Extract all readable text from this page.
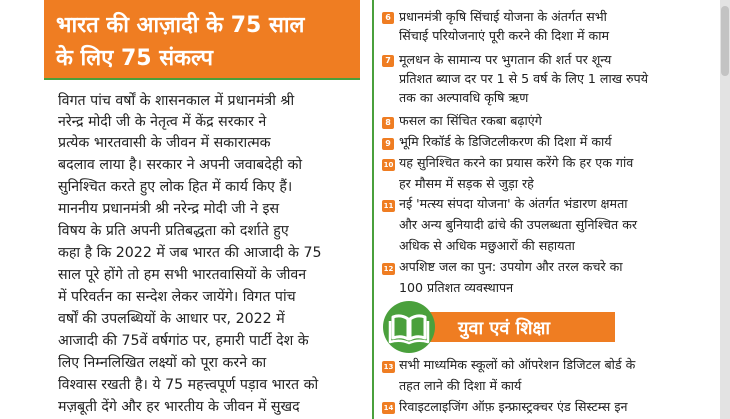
भारत की आज़ादी के 75 साल
के लिए 75 संकल्प
विगत पांच वर्षों के शासनकाल में प्रधानमंत्री श्री
नरेन्द्र मोदी जी के नेतृत्व में केंद्र सरकार ने
प्रत्येक भारतवासी के जीवन में सकारात्मक
बदलाव लाया है। सरकार ने अपनी जवाबदेही को
सुनिश्चित करते हुए लोक हित में कार्य किए हैं।
माननीय प्रधानमंत्री श्री नरेन्द्र मोदी जी ने इस
विषय के प्रति अपनी प्रतिबद्धता को दर्शाते हुए
कहा है कि 2022 में जब भारत की आजादी के 75
साल पूरे होंगे तो हम सभी भारतवासियों के जीवन
में परिवर्तन का सन्देश लेकर जायेंगे। विगत पांच
वर्षों की उपलब्धियों के आधार पर, 2022 में
आजादी की 75वें वर्षगांठ पर, हमारी पार्टी देश के
लिए निम्नलिखित लक्ष्यों को पूरा करने का
विश्वास रखती है। ये 75 महत्त्वपूर्ण पड़ाव भारत को
मज़बूती देंगे और हर भारतीय के जीवन में सुखद
6 प्रधानमंत्री कृषि सिंचाई योजना के अंतर्गत सभी
सिंचाई परियोजनाएं पूरी करने की दिशा में काम
7 मूलधन के सामान्य पर भुगतान की शर्त पर शून्य
प्रतिशत ब्याज दर पर 1 से 5 वर्ष के लिए 1 लाख रुपये
तक का अल्पावधि कृषि ऋण
8 फसल का सिंचित रकबा बढ़ाएंगे
9 भूमि रिकॉर्ड के डिजिटलीकरण की दिशा में कार्य
10 यह सुनिश्चित करने का प्रयास करेंगे कि हर एक गांव
हर मौसम में सड़क से जुड़ा रहे
11 नई 'मत्स्य संपदा योजना' के अंतर्गत भंडारण क्षमता
और अन्य बुनियादी ढांचे की उपलब्धता सुनिश्चित कर
अधिक से अधिक मछुआरों की सहायता
12 अपशिष्ट जल का पुन: उपयोग और तरल कचरे का
100 प्रतिशत व्यवस्थापन
युवा एवं शिक्षा
13 सभी माध्यमिक स्कूलों को ऑपरेशन डिजिटल बोर्ड के
तहत लाने की दिशा में कार्य
14 रिवाइटलाइजिंग ऑफ़ इन्फ्रास्ट्रक्चर एंड सिस्टम्स इन
